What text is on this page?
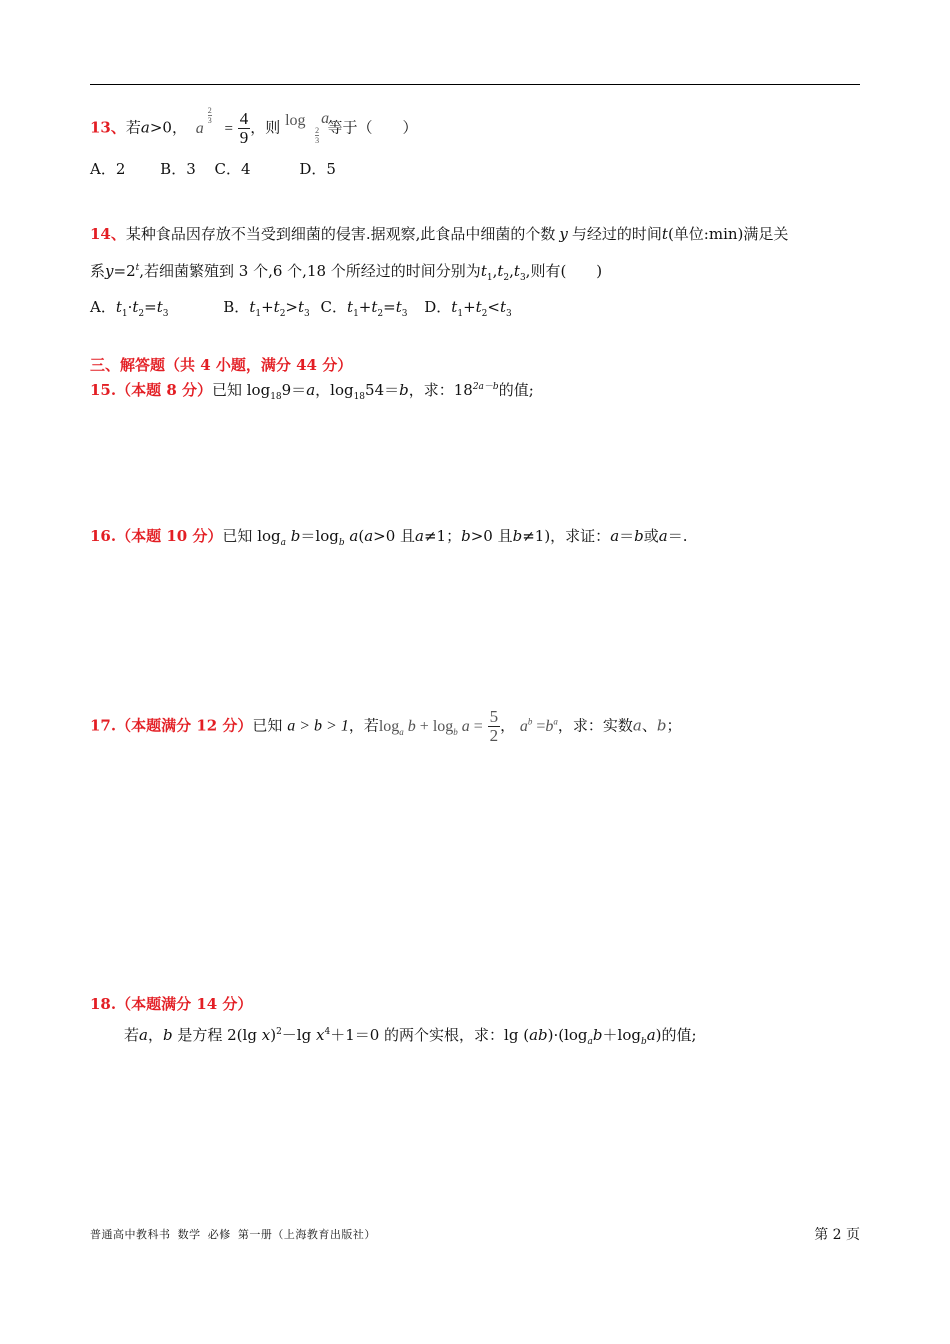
13、若a>0， a
$\frac{2}{3}$
= $\frac{4}{9}$ ，则 log
$\frac{2}{3}$
a
等于（　　）
A．2 B．3 C．4	D．5
14、某种食品因存放不当受到细菌的侵害.据观察,此食品中细菌的个数 y 与经过的时间t(单位:min)满足关
系$y=2^t$,若细菌繁殖到 3 个,6 个,18 个所经过的时间分别为$t_1,t_2,t_3$,则有(　　)
A．$t_1\cdot t_2=t_3$	B．$t_1+t_2>t_3$ C．$t_1+t_2=t_3$ D．$t_1+t_2<t_3$
三、解答题（共 4 小题，满分 44 分）
15.（本题 8 分）已知 $\log_{18}9=a$，$\log_{18}54=b$，求：$18^{2a-b}$的值;
16.（本题 10 分）已知 $\log_a b=\log_b$ a(a>0 且a≠1；b>0 且b≠1)，求证：a＝b或a＝.
17.（本题满分 12 分）已知 a > b > 1，若$\log_a b + \log_b a = \frac{5}{2}$ ， $a^b =b^a$，求：实数a、b；
18.（本题满分 14 分）
若a，b 是方程 2(lg x)$^2$－lg $x^4+1=0$ 的两个实根，求：$\lg (ab)\cdot(\log_ab+\log_ba)$的值;
普通高中教科书 数学 必修 第一册（上海教育出版社）	第 2 页
